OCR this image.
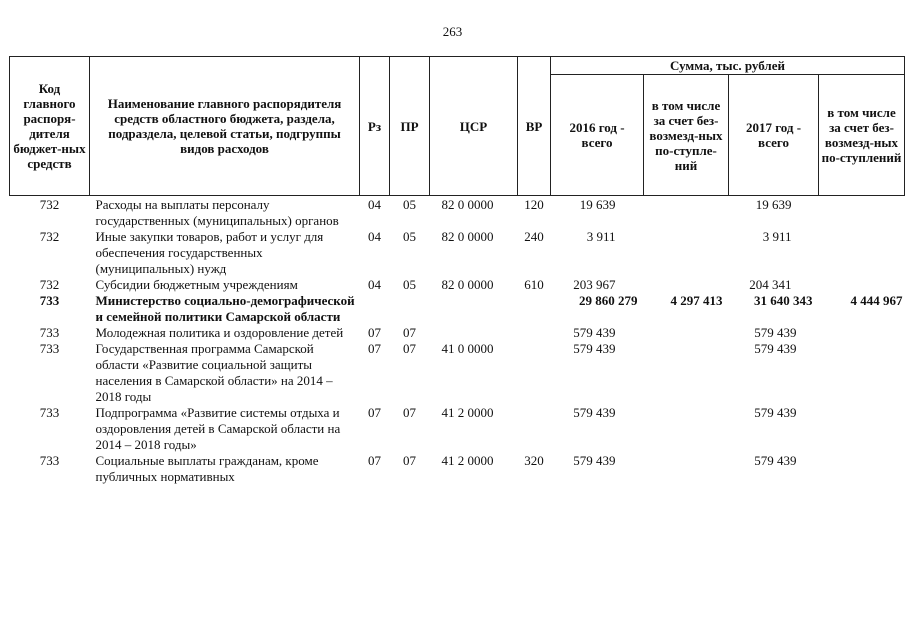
263
Код главного распоря-дителя бюджет-ных средств	Наименование главного распорядителя средств областного бюджета, раздела, подраздела, целевой статьи, подгруппы видов расходов	Рз	ПР	ЦСР	ВР	Сумма, тыс. рублей			
						2016 год - всего	в том числе за счет без-возмезд-ных по-ступле-ний	2017 год - всего	в том числе за счет без-возмезд-ных по-ступлений
732	Расходы на выплаты персоналу государственных (муниципальных) органов	04	05	82 0 0000	120	19 639		19 639	
732	Иные закупки товаров, работ и услуг для обеспечения государственных (муниципальных) нужд	04	05	82 0 0000	240	3 911		3 911	
732	Субсидии бюджетным учреждениям	04	05	82 0 0000	610	203 967		204 341	
733	Министерство социально-демографической и семейной политики Самарской области					29 860 279	4 297 413	31 640 343	4 444 967
733	Молодежная политика и оздоровление детей	07	07			579 439		579 439	
733	Государственная программа Самарской области «Развитие социальной защиты населения в Самарской области» на 2014 – 2018 годы	07	07	41 0 0000		579 439		579 439	
733	Подпрограмма «Развитие системы отдыха и оздоровления детей в Самарской области на 2014 – 2018 годы»	07	07	41 2 0000		579 439		579 439	
733	Социальные выплаты гражданам, кроме публичных нормативных	07	07	41 2 0000	320	579 439		579 439	
